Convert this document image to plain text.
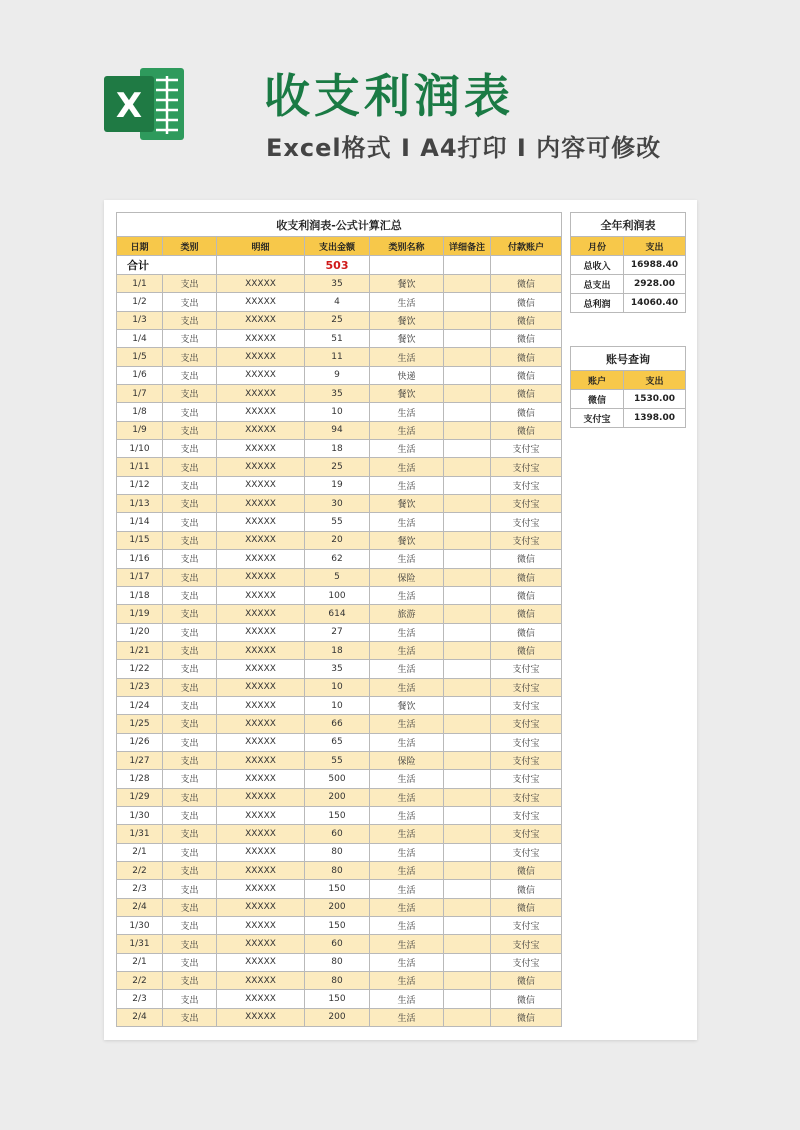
X	收支利润表
Excel格式 I A4打印 I 内容可修改
收支利润表-公式计算汇总						
日期	类别	明细	支出金额	类别名称	详细备注	付款账户
合计			503			
1/1	支出	XXXXX	35	餐饮		微信
1/2	支出	XXXXX	4	生活		微信
1/3	支出	XXXXX	25	餐饮		微信
1/4	支出	XXXXX	51	餐饮		微信
1/5	支出	XXXXX	11	生活		微信
1/6	支出	XXXXX	9	快递		微信
1/7	支出	XXXXX	35	餐饮		微信
1/8	支出	XXXXX	10	生活		微信
1/9	支出	XXXXX	94	生活		微信
1/10	支出	XXXXX	18	生活		支付宝
1/11	支出	XXXXX	25	生活		支付宝
1/12	支出	XXXXX	19	生活		支付宝
1/13	支出	XXXXX	30	餐饮		支付宝
1/14	支出	XXXXX	55	生活		支付宝
1/15	支出	XXXXX	20	餐饮		支付宝
1/16	支出	XXXXX	62	生活		微信
1/17	支出	XXXXX	5	保险		微信
1/18	支出	XXXXX	100	生活		微信
1/19	支出	XXXXX	614	旅游		微信
1/20	支出	XXXXX	27	生活		微信
1/21	支出	XXXXX	18	生活		微信
1/22	支出	XXXXX	35	生活		支付宝
1/23	支出	XXXXX	10	生活		支付宝
1/24	支出	XXXXX	10	餐饮		支付宝
1/25	支出	XXXXX	66	生活		支付宝
1/26	支出	XXXXX	65	生活		支付宝
1/27	支出	XXXXX	55	保险		支付宝
1/28	支出	XXXXX	500	生活		支付宝
1/29	支出	XXXXX	200	生活		支付宝
1/30	支出	XXXXX	150	生活		支付宝
1/31	支出	XXXXX	60	生活		支付宝
2/1	支出	XXXXX	80	生活		支付宝
2/2	支出	XXXXX	80	生活		微信
2/3	支出	XXXXX	150	生活		微信
2/4	支出	XXXXX	200	生活		微信
1/30	支出	XXXXX	150	生活		支付宝
1/31	支出	XXXXX	60	生活		支付宝
2/1	支出	XXXXX	80	生活		支付宝
2/2	支出	XXXXX	80	生活		微信
2/3	支出	XXXXX	150	生活		微信
2/4	支出	XXXXX	200	生活		微信
全年利润表	
月份	支出
总收入	16988.40
总支出	2928.00
总利润	14060.40
账号查询	
账户	支出
微信	1530.00
支付宝	1398.00
